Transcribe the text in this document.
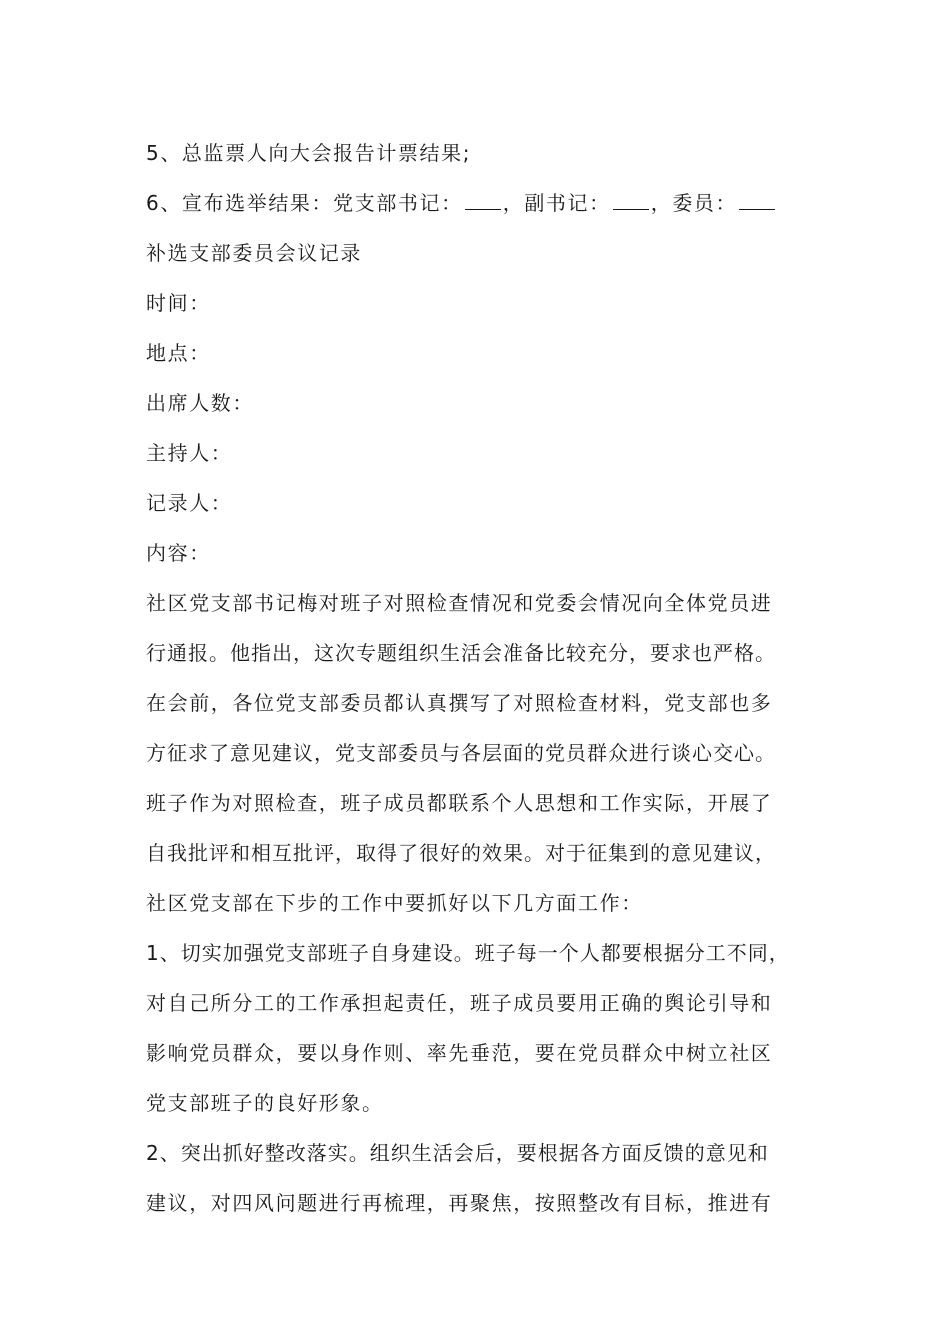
5、总监票人向大会报告计票结果;
6、宣布选举结果：党支部书记： ，副书记： ，委员：
补选支部委员会议记录
时间：
地点：
出席人数：
主持人：
记录人：
内容：
社区党支部书记梅对班子对照检查情况和党委会情况向全体党员进
行通报。他指出，这次专题组织生活会准备比较充分，要求也严格。
在会前，各位党支部委员都认真撰写了对照检查材料，党支部也多
方征求了意见建议，党支部委员与各层面的党员群众进行谈心交心。
班子作为对照检查，班子成员都联系个人思想和工作实际，开展了
自我批评和相互批评，取得了很好的效果。对于征集到的意见建议，
社区党支部在下步的工作中要抓好以下几方面工作：
1、切实加强党支部班子自身建设。班子每一个人都要根据分工不同，
对自己所分工的工作承担起责任，班子成员要用正确的舆论引导和
影响党员群众，要以身作则、率先垂范，要在党员群众中树立社区
党支部班子的良好形象。
2、突出抓好整改落实。组织生活会后，要根据各方面反馈的意见和
建议，对四风问题进行再梳理，再聚焦，按照整改有目标，推进有
